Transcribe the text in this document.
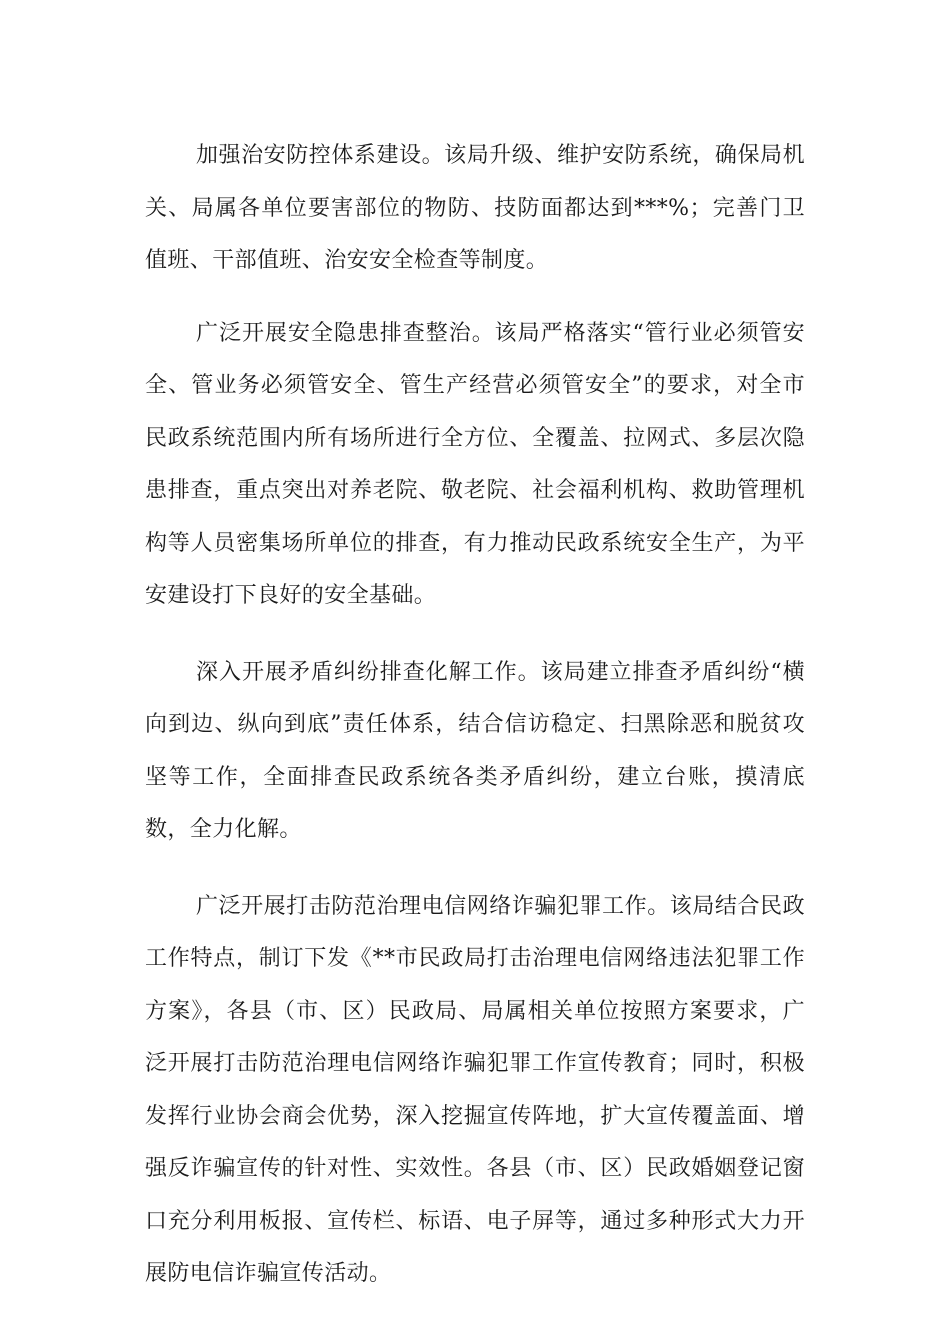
加强治安防控体系建设。该局升级、维护安防系统，确保局机关、局属各单位要害部位的物防、技防面都达到***%；完善门卫值班、干部值班、治安安全检查等制度。

广泛开展安全隐患排查整治。该局严格落实“管行业必须管安全、管业务必须管安全、管生产经营必须管安全”的要求，对全市民政系统范围内所有场所进行全方位、全覆盖、拉网式、多层次隐患排查，重点突出对养老院、敬老院、社会福利机构、救助管理机构等人员密集场所单位的排查，有力推动民政系统安全生产，为平安建设打下良好的安全基础。

深入开展矛盾纠纷排查化解工作。该局建立排查矛盾纠纷“横向到边、纵向到底”责任体系，结合信访稳定、扫黑除恶和脱贫攻坚等工作，全面排查民政系统各类矛盾纠纷，建立台账，摸清底数，全力化解。

广泛开展打击防范治理电信网络诈骗犯罪工作。该局结合民政工作特点，制订下发《**市民政局打击治理电信网络违法犯罪工作方案》，各县（市、区）民政局、局属相关单位按照方案要求，广泛开展打击防范治理电信网络诈骗犯罪工作宣传教育；同时，积极发挥行业协会商会优势，深入挖掘宣传阵地，扩大宣传覆盖面、增强反诈骗宣传的针对性、实效性。各县（市、区）民政婚姻登记窗口充分利用板报、宣传栏、标语、电子屏等，通过多种形式大力开展防电信诈骗宣传活动。
